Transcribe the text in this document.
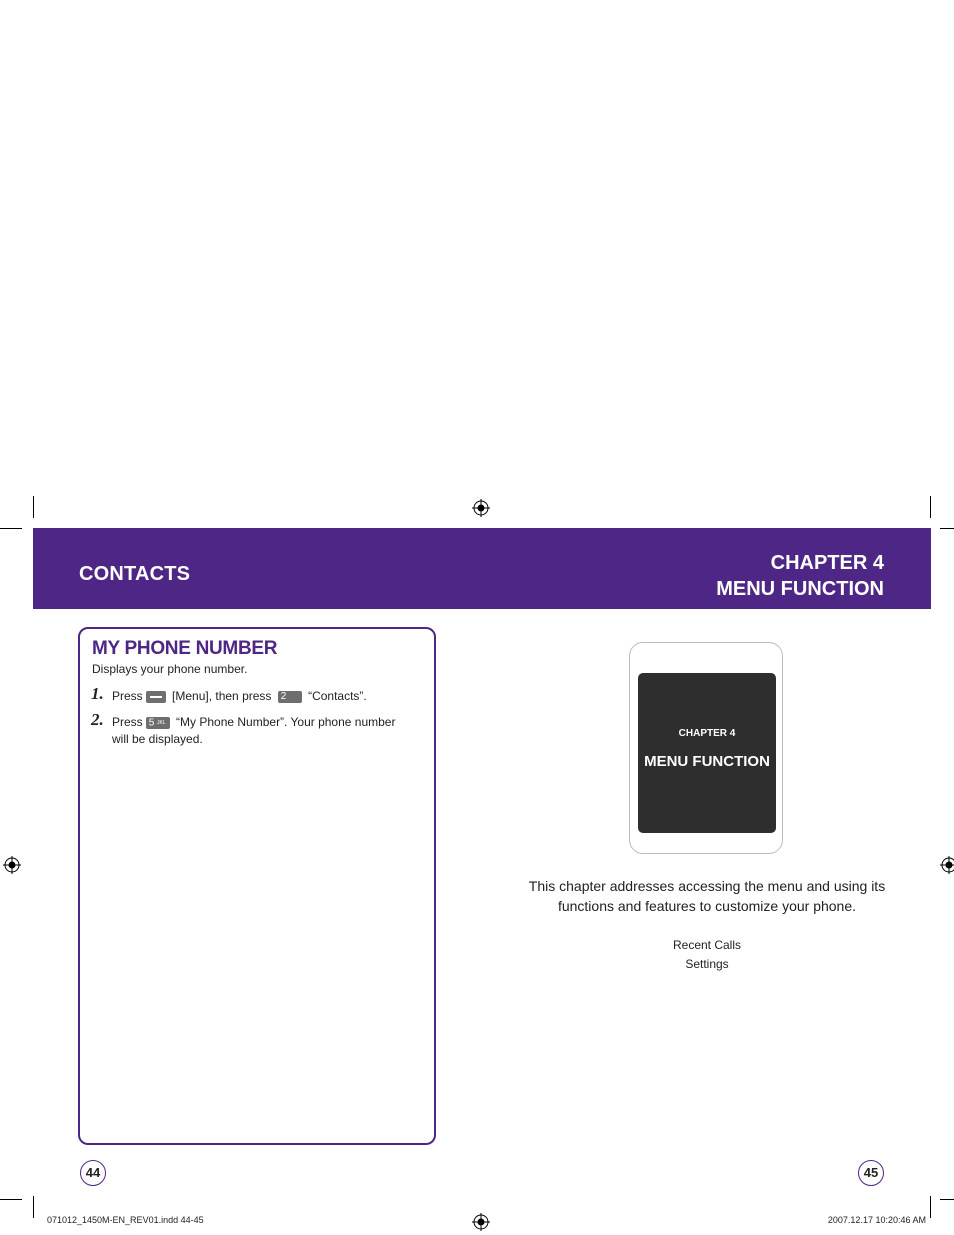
CONTACTS	CHAPTER 4
MENU FUNCTION
MY PHONE NUMBER
Displays your phone number.
1. Press
[Menu], then press 2 ABC “Contacts”.
2. Press 5 JKL “My Phone Number”. Your phone number will be displayed.	CHAPTER 4
MENU FUNCTION
This chapter addresses accessing the menu and using its
functions and features to customize your phone.
Recent Calls
Settings
44	45
071012_1450M-EN_REV01.indd 44-45	2007.12.17 10:20:46 AM
